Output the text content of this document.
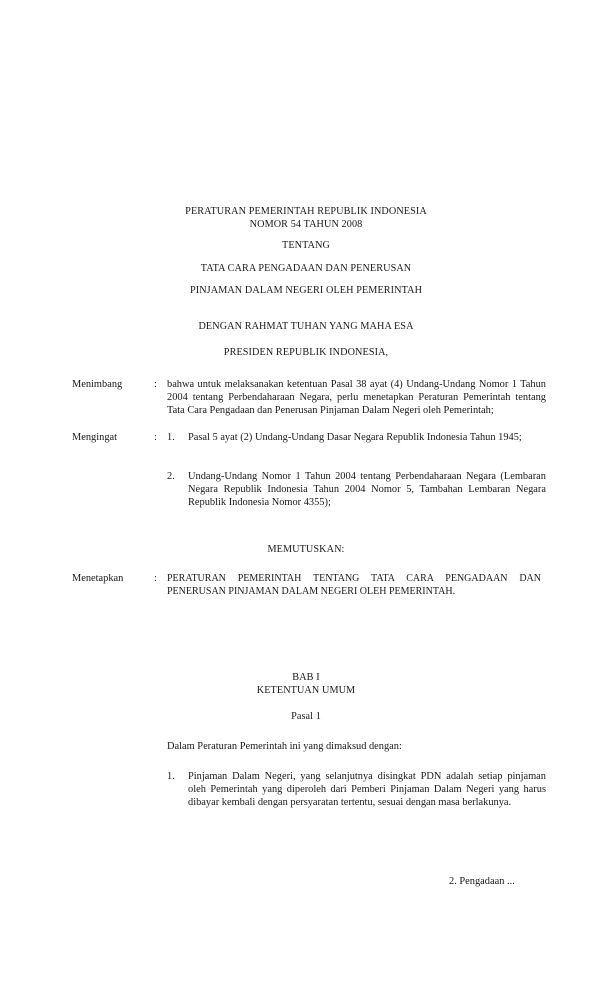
PERATURAN PEMERINTAH REPUBLIK INDONESIA
NOMOR 54 TAHUN 2008
TENTANG
TATA CARA PENGADAAN DAN PENERUSAN
PINJAMAN DALAM NEGERI OLEH PEMERINTAH
DENGAN RAHMAT TUHAN YANG MAHA ESA
PRESIDEN REPUBLIK INDONESIA,
Menimbang	: bahwa untuk melaksanakan ketentuan Pasal 38 ayat (4) Undang-Undang Nomor 1 Tahun 2004 tentang Perbendaharaan Negara, perlu menetapkan Peraturan Pemerintah tentang Tata Cara Pengadaan dan Penerusan Pinjaman Dalam Negeri oleh Pemerintah;
Mengingat	: 1. Pasal 5 ayat (2) Undang-Undang Dasar Negara Republik Indonesia Tahun 1945;
2. Undang-Undang Nomor 1 Tahun 2004 tentang Perbendaharaan Negara (Lembaran Negara Republik Indonesia Tahun 2004 Nomor 5, Tambahan Lembaran Negara Republik Indonesia Nomor 4355);
MEMUTUSKAN:
Menetapkan	: PERATURAN PEMERINTAH TENTANG TATA CARA PENGADAAN DAN PENERUSAN PINJAMAN DALAM NEGERI OLEH PEMERINTAH.
BAB I
KETENTUAN UMUM
Pasal 1
Dalam Peraturan Pemerintah ini yang dimaksud dengan:
1. Pinjaman Dalam Negeri, yang selanjutnya disingkat PDN adalah setiap pinjaman oleh Pemerintah yang diperoleh dari Pemberi Pinjaman Dalam Negeri yang harus dibayar kembali dengan persyaratan tertentu, sesuai dengan masa berlakunya.
2. Pengadaan ...
